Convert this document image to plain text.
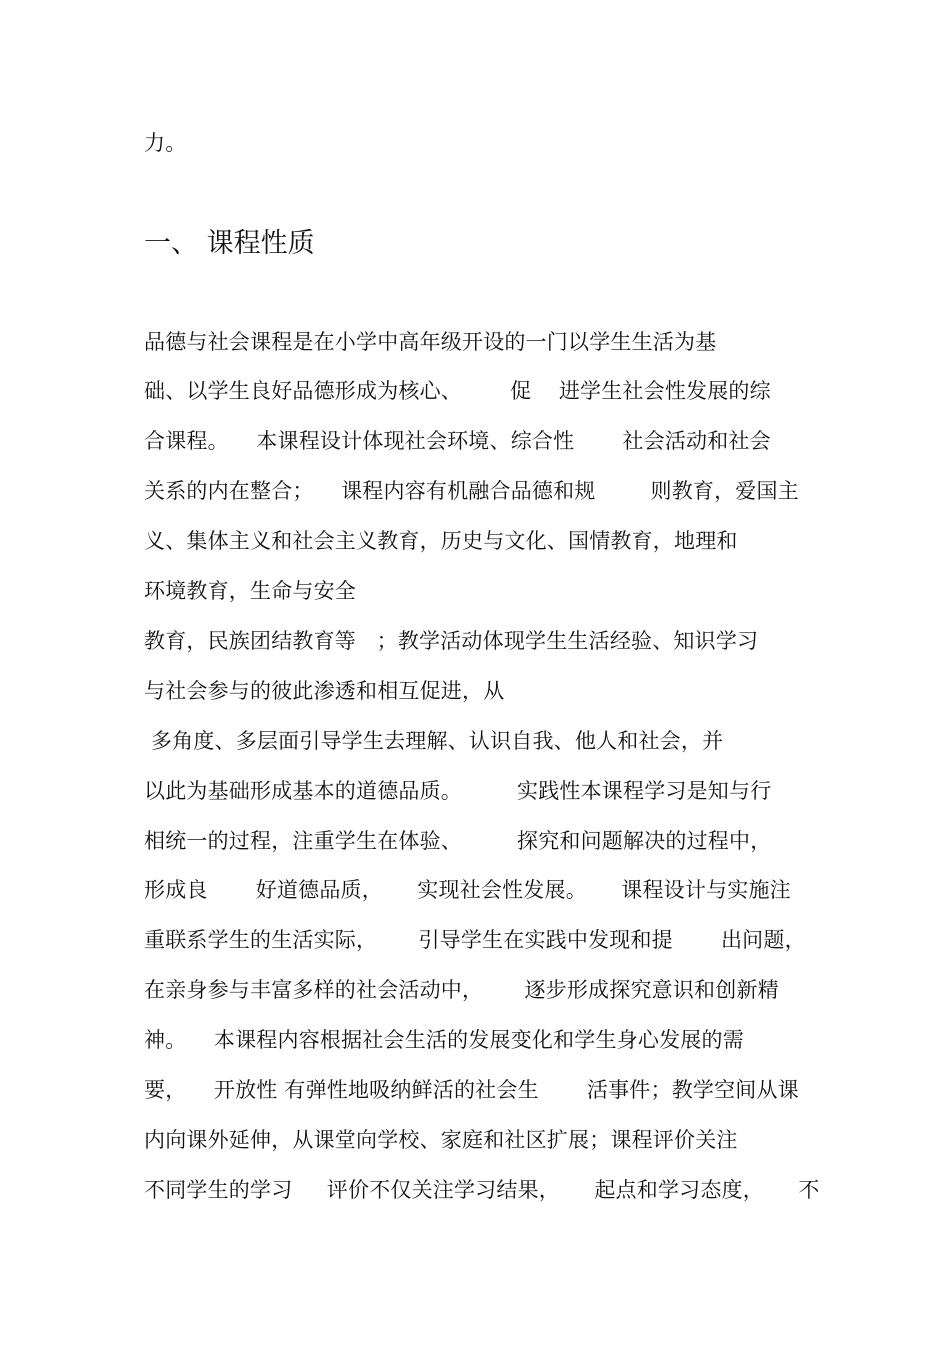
力。
一、 课程性质
品德与社会课程是在小学中高年级开设的一门以学生生活为基
础、以学生良好品德形成为核心、       促    进学生社会性发展的综
合课程。    本课程设计体现社会环境、综合性       社会活动和社会
关系的内在整合；    课程内容有机融合品德和规        则教育，爱国主
义、集体主义和社会主义教育，历史与文化、国情教育，地理和
环境教育，生命与安全
教育，民族团结教育等   ；教学活动体现学生生活经验、知识学习
与社会参与的彼此渗透和相互促进，从
多角度、多层面引导学生去理解、认识自我、他人和社会，并
以此为基础形成基本的道德品质。        实践性本课程学习是知与行
相统一的过程，注重学生在体验、        探究和问题解决的过程中，
形成良       好道德品质，     实现社会性发展。     课程设计与实施注
重联系学生的生活实际，      引导学生在实践中发现和提       出问题，
在亲身参与丰富多样的社会活动中，      逐步形成探究意识和创新精
神。    本课程内容根据社会生活的发展变化和学生身心发展的需
要，    开放性 有弹性地吸纳鲜活的社会生       活事件；教学空间从课
内向课外延伸，从课堂向学校、家庭和社区扩展；课程评价关注
不同学生的学习     评价不仅关注学习结果，     起点和学习态度，     不
